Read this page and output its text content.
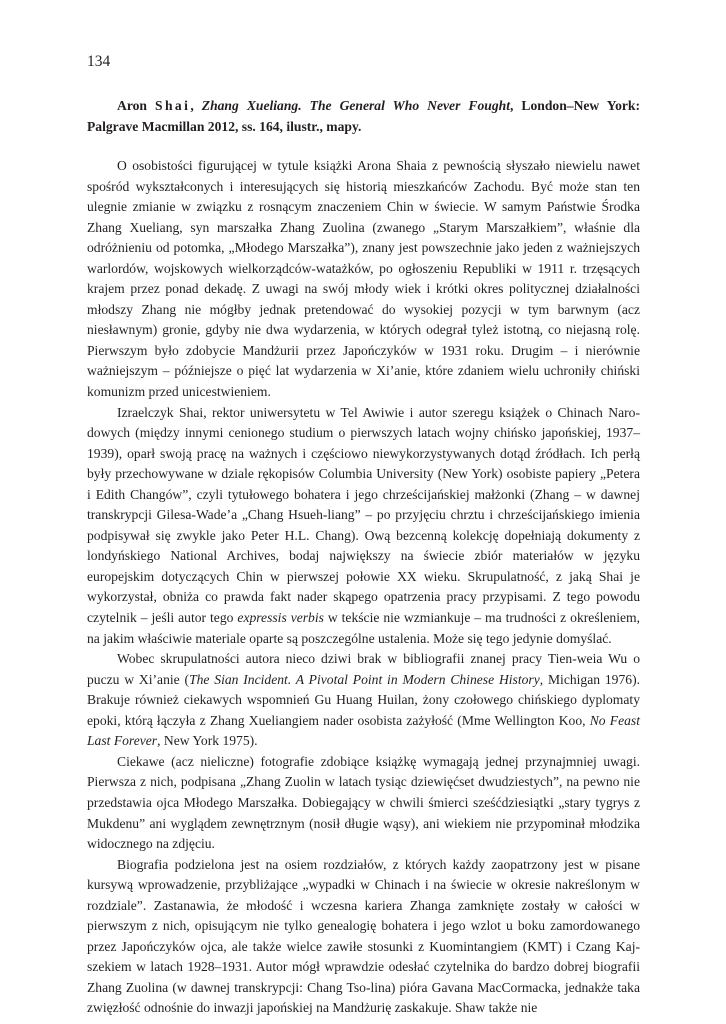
134

Aron Shai, Zhang Xueliang. The General Who Never Fought, London–New York: Palgrave Macmillan 2012, ss. 164, ilustr., mapy.

O osobistości figurującej w tytule książki Arona Shaia z pewnością słyszało niewielu nawet spośród wykształconych i interesujących się historią mieszkańców Zachodu. Być może stan ten ulegnie zmianie w związku z rosnącym znaczeniem Chin w świecie. W samym Państwie Środka Zhang Xueliang, syn marszałka Zhang Zuolina (zwanego „Starym Marszałkiem”, właśnie dla odróżnieniu od potomka, „Młodego Marszałka”), znany jest powszechnie jako jeden z ważniejszych warlordów, wojskowych wielkorządców-watażków, po ogłoszeniu Republiki w 1911 r. trzęsących krajem przez ponad dekadę. Z uwagi na swój młody wiek i krótki okres politycznej działalności młodszy Zhang nie mógłby jednak pretendować do wysokiej pozycji w tym barwnym (acz niesławnym) gronie, gdyby nie dwa wydarzenia, w których odegrał tyleż istotną, co niejasną rolę. Pierwszym było zdobycie Mandżurii przez Japończyków w 1931 roku. Drugim – i nierównie ważniejszym – późniejsze o pięć lat wydarzenia w Xi’anie, które zdaniem wielu uchroniły chiński komunizm przed unicestwieniem.

Izraelczyk Shai, rektor uniwersytetu w Tel Awiwie i autor szeregu książek o Chinach Narodowych (między innymi cenionego studium o pierwszych latach wojny chińsko japońskiej, 1937–1939), oparł swoją pracę na ważnych i częściowo niewykorzystywanych dotąd źródłach. Ich perłą były przechowywane w dziale rękopisów Columbia University (New York) osobiste papiery „Petera i Edith Changów”, czyli tytułowego bohatera i jego chrześcijańskiej małżonki (Zhang – w dawnej transkrypcji Gilesa-Wade’a „Chang Hsueh-liang” – po przyjęciu chrztu i chrześcijańskiego imienia podpisywał się zwykle jako Peter H.L. Chang). Ową bezcenną kolekcję dopełniają dokumenty z londyńskiego National Archives, bodaj największy na świecie zbiór materiałów w języku europejskim dotyczących Chin w pierwszej połowie XX wieku. Skrupulatność, z jaką Shai je wykorzystał, obniża co prawda fakt nader skąpego opatrzenia pracy przypisami. Z tego powodu czytelnik – jeśli autor tego expressis verbis w tekście nie wzmiankuje – ma trudności z określeniem, na jakim właściwie materiale oparte są poszczególne ustalenia. Może się tego jedynie domyślać.

Wobec skrupulatności autora nieco dziwi brak w bibliografii znanej pracy Tien-weia Wu o puczu w Xi’anie (The Sian Incident. A Pivotal Point in Modern Chinese History, Michigan 1976). Brakuje również ciekawych wspomnień Gu Huang Huilan, żony czołowego chińskiego dyplomaty epoki, którą łączyła z Zhang Xueliangiem nader osobista zażyłość (Mme Wellington Koo, No Feast Last Forever, New York 1975).

Ciekawe (acz nieliczne) fotografie zdobiące książkę wymagają jednej przynajmniej uwagi. Pierwsza z nich, podpisana „Zhang Zuolin w latach tysiąc dziewięćset dwudziestych”, na pewno nie przedstawia ojca Młodego Marszałka. Dobiegający w chwili śmierci sześćdziesiątki „stary tygrys z Mukdenu” ani wyglądem zewnętrznym (nosił długie wąsy), ani wiekiem nie przypominał młodzika widocznego na zdjęciu.

Biografia podzielona jest na osiem rozdziałów, z których każdy zaopatrzony jest w pisane kursywą wprowadzenie, przybliżające „wypadki w Chinach i na świecie w okresie nakreślonym w rozdziale”. Zastanawia, że młodość i wczesna kariera Zhanga zamknięte zostały w całości w pierwszym z nich, opisującym nie tylko genealogię bohatera i jego wzlot u boku zamordowanego przez Japończyków ojca, ale także wielce zawiłe stosunki z Kuomintangiem (KMT) i Czang Kaj-szekiem w latach 1928–1931. Autor mógł wprawdzie odesłać czytelnika do bardzo dobrej biografii Zhang Zuolina (w dawnej transkrypcji: Chang Tso-lina) pióra Gavana MacCormacka, jednakże taka zwięzłość odnośnie do inwazji japońskiej na Mandżurię zaskakuje. Shaw także nie
